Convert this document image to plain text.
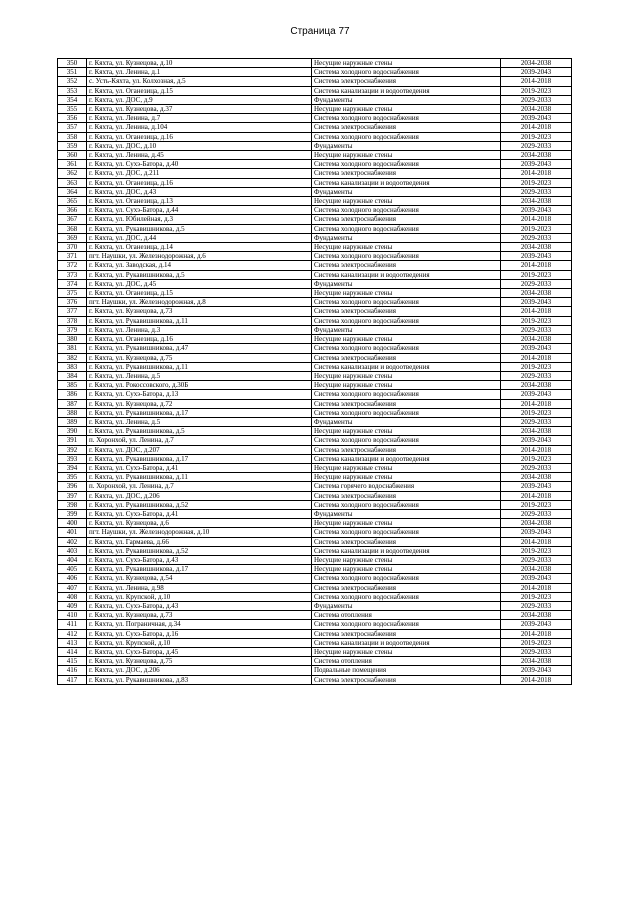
Страница 77
350	г. Кяхта, ул. Кузнецова, д.10	Несущие наружные стены	2034-2038
351	г. Кяхта, ул. Ленина, д.1	Система холодного водоснабжения	2039-2043
352	с. Усть-Кяхта, ул. Колхозная, д.5	Система электроснабжения	2014-2018
353	г. Кяхта, ул. Оганезица, д.15	Система канализации и водоотведения	2019-2023
354	г. Кяхта, ул. ДОС, д.9	Фундаменты	2029-2033
355	г. Кяхта, ул. Кузнецова, д.37	Несущие наружные стены	2034-2038
356	г. Кяхта, ул. Ленина, д.7	Система холодного водоснабжения	2039-2043
357	г. Кяхта, ул. Ленина, д.104	Система электроснабжения	2014-2018
358	г. Кяхта, ул. Оганезица, д.16	Система холодного водоснабжения	2019-2023
359	г. Кяхта, ул. ДОС, д.10	Фундаменты	2029-2033
360	г. Кяхта, ул. Ленина, д.45	Несущие наружные стены	2034-2038
361	г. Кяхта, ул. Сухэ-Батора, д.40	Система холодного водоснабжения	2039-2043
362	г. Кяхта, ул. ДОС, д.211	Система электроснабжения	2014-2018
363	г. Кяхта, ул. Оганезица, д.16	Система канализации и водоотведения	2019-2023
364	г. Кяхта, ул. ДОС, д.43	Фундаменты	2029-2033
365	г. Кяхта, ул. Оганезица, д.13	Несущие наружные стены	2034-2038
366	г. Кяхта, ул. Сухэ-Батора, д.44	Система холодного водоснабжения	2039-2043
367	г. Кяхта, ул. Юбилейная, д.3	Система электроснабжения	2014-2018
368	г. Кяхта, ул. Рукавишникова, д.5	Система холодного водоснабжения	2019-2023
369	г. Кяхта, ул. ДОС, д.44	Фундаменты	2029-2033
370	г. Кяхта, ул. Оганезица, д.14	Несущие наружные стены	2034-2038
371	пгт. Наушки, ул. Железнодорожная, д.6	Система холодного водоснабжения	2039-2043
372	г. Кяхта, ул. Заводская, д.14	Система электроснабжения	2014-2018
373	г. Кяхта, ул. Рукавишникова, д.5	Система канализации и водоотведения	2019-2023
374	г. Кяхта, ул. ДОС, д.45	Фундаменты	2029-2033
375	г. Кяхта, ул. Оганезица, д.15	Несущие наружные стены	2034-2038
376	пгт. Наушки, ул. Железнодорожная, д.8	Система холодного водоснабжения	2039-2043
377	г. Кяхта, ул. Кузнецова, д.73	Система электроснабжения	2014-2018
378	г. Кяхта, ул. Рукавишникова, д.11	Система холодного водоснабжения	2019-2023
379	г. Кяхта, ул. Ленина, д.3	Фундаменты	2029-2033
380	г. Кяхта, ул. Оганезица, д.16	Несущие наружные стены	2034-2038
381	г. Кяхта, ул. Рукавишникова, д.47	Система холодного водоснабжения	2039-2043
382	г. Кяхта, ул. Кузнецова, д.75	Система электроснабжения	2014-2018
383	г. Кяхта, ул. Рукавишникова, д.11	Система канализации и водоотведения	2019-2023
384	г. Кяхта, ул. Ленина, д.5	Несущие наружные стены	2029-2033
385	г. Кяхта, ул. Рокоссовского, д.30Б	Несущие наружные стены	2034-2038
386	г. Кяхта, ул. Сухэ-Батора, д.13	Система холодного водоснабжения	2039-2043
387	г. Кяхта, ул. Кузнецова, д.72	Система электроснабжения	2014-2018
388	г. Кяхта, ул. Рукавишникова, д.17	Система холодного водоснабжения	2019-2023
389	г. Кяхта, ул. Ленина, д.5	Фундаменты	2029-2033
390	г. Кяхта, ул. Рукавишникова, д.5	Несущие наружные стены	2034-2038
391	п. Хоронхой, ул. Ленина, д.7	Система холодного водоснабжения	2039-2043
392	г. Кяхта, ул. ДОС, д.207	Система электроснабжения	2014-2018
393	г. Кяхта, ул. Рукавишникова, д.17	Система канализации и водоотведения	2019-2023
394	г. Кяхта, ул. Сухэ-Батора, д.41	Несущие наружные стены	2029-2033
395	г. Кяхта, ул. Рукавишникова, д.11	Несущие наружные стены	2034-2038
396	п. Хоронхой, ул. Ленина, д.7	Система горячего водоснабжения	2039-2043
397	г. Кяхта, ул. ДОС, д.206	Система электроснабжения	2014-2018
398	г. Кяхта, ул. Рукавишникова, д.52	Система холодного водоснабжения	2019-2023
399	г. Кяхта, ул. Сухэ-Батора, д.41	Фундаменты	2029-2033
400	г. Кяхта, ул. Кузнецова, д.6	Несущие наружные стены	2034-2038
401	пгт. Наушки, ул. Железнодорожная, д.10	Система холодного водоснабжения	2039-2043
402	г. Кяхта, ул. Гармаева, д.66	Система электроснабжения	2014-2018
403	г. Кяхта, ул. Рукавишникова, д.52	Система канализации и водоотведения	2019-2023
404	г. Кяхта, ул. Сухэ-Батора, д.43	Несущие наружные стены	2029-2033
405	г. Кяхта, ул. Рукавишникова, д.17	Несущие наружные стены	2034-2038
406	г. Кяхта, ул. Кузнецова, д.54	Система холодного водоснабжения	2039-2043
407	г. Кяхта, ул. Ленина, д.98	Система электроснабжения	2014-2018
408	г. Кяхта, ул. Крупской, д.10	Система холодного водоснабжения	2019-2023
409	г. Кяхта, ул. Сухэ-Батора, д.43	Фундаменты	2029-2033
410	г. Кяхта, ул. Кузнецова, д.73	Система отопления	2034-2038
411	г. Кяхта, ул. Пограничная, д.34	Система холодного водоснабжения	2039-2043
412	г. Кяхта, ул. Сухэ-Батора, д.16	Система электроснабжения	2014-2018
413	г. Кяхта, ул. Крупской, д.10	Система канализации и водоотведения	2019-2023
414	г. Кяхта, ул. Сухэ-Батора, д.45	Несущие наружные стены	2029-2033
415	г. Кяхта, ул. Кузнецова, д.75	Система отопления	2034-2038
416	г. Кяхта, ул. ДОС, д.206	Подвальные помещения	2039-2043
417	г. Кяхта, ул. Рукавишникова, д.83	Система электроснабжения	2014-2018
